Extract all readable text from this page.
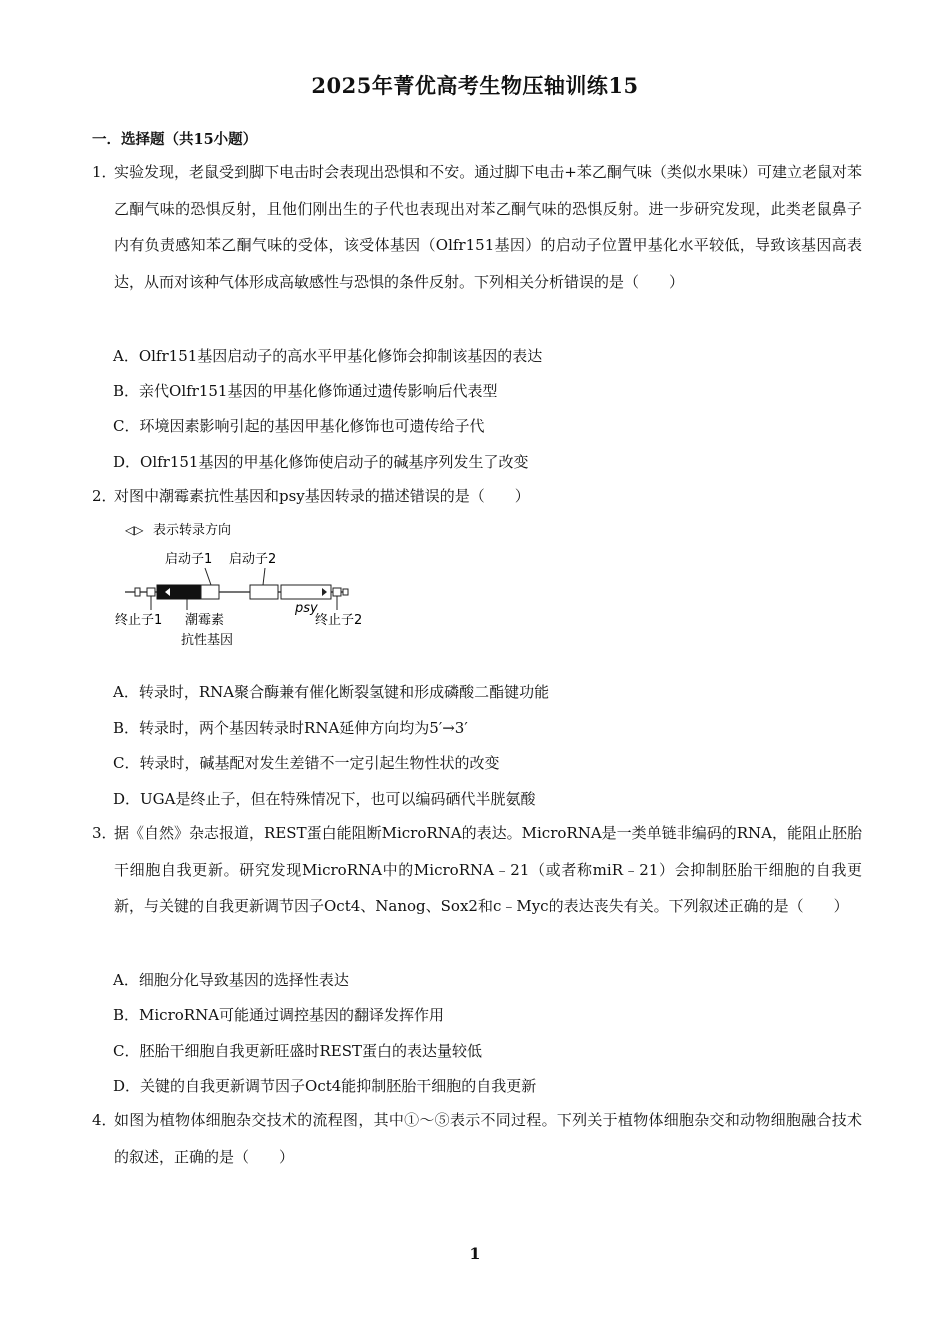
2025年菁优高考生物压轴训练15
一．选择题（共15小题）
1．
实验发现，老鼠受到脚下电击时会表现出恐惧和不安。通过脚下电击+苯乙酮气味（类似水果味）可建立老鼠对苯乙酮气味的恐惧反射，且他们刚出生的子代也表现出对苯乙酮气味的恐惧反射。进一步研究发现，此类老鼠鼻子内有负责感知苯乙酮气味的受体，该受体基因（Olfr151基因）的启动子位置甲基化水平较低，导致该基因高表达，从而对该种气体形成高敏感性与恐惧的条件反射。下列相关分析错误的是（　　）
A．Olfr151基因启动子的高水平甲基化修饰会抑制该基因的表达
B．亲代Olfr151基因的甲基化修饰通过遗传影响后代表型
C．环境因素影响引起的基因甲基化修饰也可遗传给子代
D．Olfr151基因的甲基化修饰使启动子的碱基序列发生了改变
2．
对图中潮霉素抗性基因和psy基因转录的描述错误的是（　　）
◁▷ 表示转录方向
启动子1 启动子2
终止子1 潮霉素
抗性基因
psy
终止子2
A．转录时，RNA聚合酶兼有催化断裂氢键和形成磷酸二酯键功能
B．转录时，两个基因转录时RNA延伸方向均为5′→3′
C．转录时，碱基配对发生差错不一定引起生物性状的改变
D．UGA是终止子，但在特殊情况下，也可以编码硒代半胱氨酸
3．
据《自然》杂志报道，REST蛋白能阻断MicroRNA的表达。MicroRNA是一类单链非编码的RNA，能阻止胚胎干细胞自我更新。研究发现MicroRNA中的MicroRNA﹣21（或者称miR﹣21）会抑制胚胎干细胞的自我更新，与关键的自我更新调节因子Oct4、Nanog、Sox2和c﹣Myc的表达丧失有关。下列叙述正确的是（　　）
A．细胞分化导致基因的选择性表达
B．MicroRNA可能通过调控基因的翻译发挥作用
C．胚胎干细胞自我更新旺盛时REST蛋白的表达量较低
D．关键的自我更新调节因子Oct4能抑制胚胎干细胞的自我更新
4．
如图为植物体细胞杂交技术的流程图，其中①～⑤表示不同过程。下列关于植物体细胞杂交和动物细胞融合技术的叙述，正确的是（　　）
1
